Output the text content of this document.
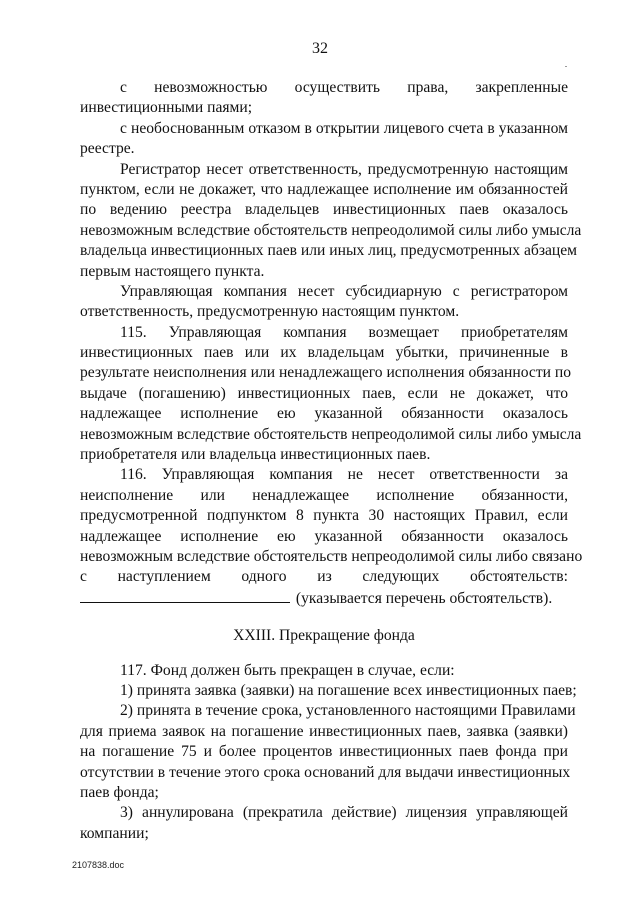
32
с невозможностью осуществить права, закрепленные
инвестиционными паями;
с необоснованным отказом в открытии лицевого счета в указанном
реестре.
Регистратор несет ответственность, предусмотренную настоящим
пунктом, если не докажет, что надлежащее исполнение им обязанностей
по ведению реестра владельцев инвестиционных паев оказалось
невозможным вследствие обстоятельств непреодолимой силы либо умысла
владельца инвестиционных паев или иных лиц, предусмотренных абзацем
первым настоящего пункта.
Управляющая компания несет субсидиарную с регистратором
ответственность, предусмотренную настоящим пунктом.
115. Управляющая компания возмещает приобретателям
инвестиционных паев или их владельцам убытки, причиненные в
результате неисполнения или ненадлежащего исполнения обязанности по
выдаче (погашению) инвестиционных паев, если не докажет, что
надлежащее исполнение ею указанной обязанности оказалось
невозможным вследствие обстоятельств непреодолимой силы либо умысла
приобретателя или владельца инвестиционных паев.
116. Управляющая компания не несет ответственности за
неисполнение или ненадлежащее исполнение обязанности,
предусмотренной подпунктом 8 пункта 30 настоящих Правил, если
надлежащее исполнение ею указанной обязанности оказалось
невозможным вследствие обстоятельств непреодолимой силы либо связано
с наступлением одного из следующих обстоятельств:
(указывается перечень обстоятельств).
XXIII. Прекращение фонда
117. Фонд должен быть прекращен в случае, если:
1) принята заявка (заявки) на погашение всех инвестиционных паев;
2) принята в течение срока, установленного настоящими Правилами
для приема заявок на погашение инвестиционных паев, заявка (заявки)
на погашение 75 и более процентов инвестиционных паев фонда при
отсутствии в течение этого срока оснований для выдачи инвестиционных
паев фонда;
3) аннулирована (прекратила действие) лицензия управляющей
компании;
2107838.doc
